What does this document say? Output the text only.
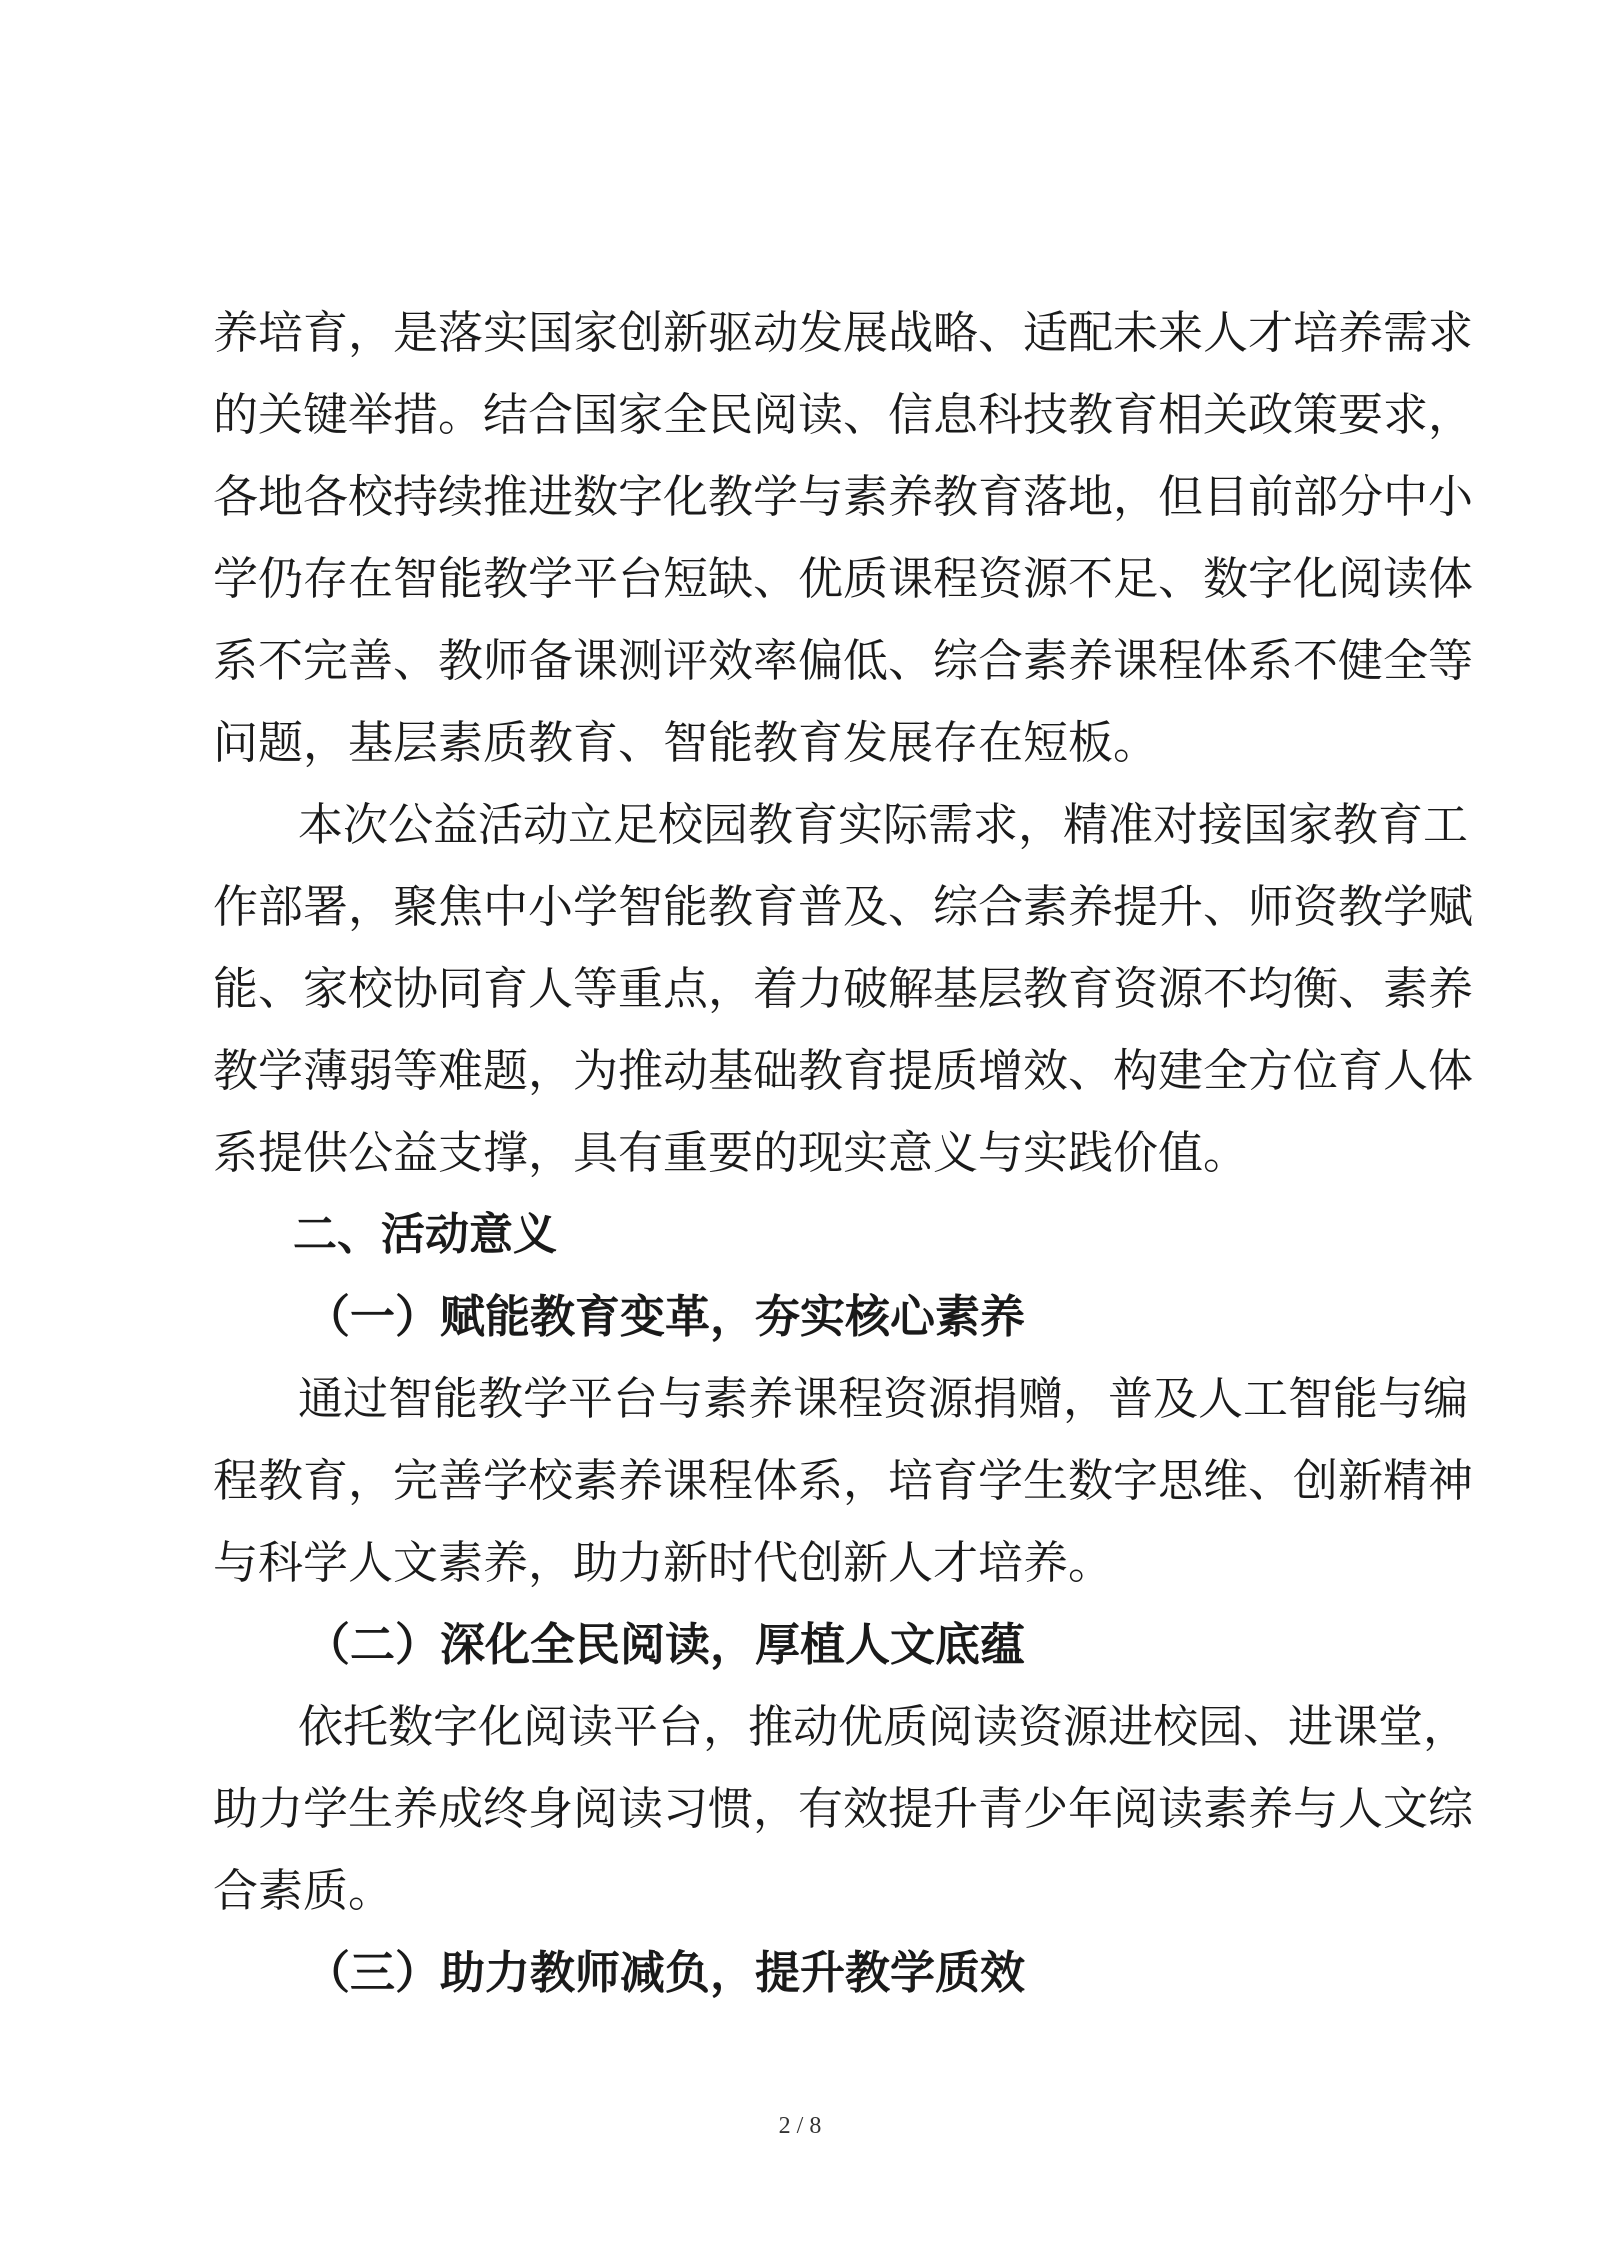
养培育，是落实国家创新驱动发展战略、适配未来人才培养需求
的关键举措。结合国家全民阅读、信息科技教育相关政策要求，
各地各校持续推进数字化教学与素养教育落地，但目前部分中小
学仍存在智能教学平台短缺、优质课程资源不足、数字化阅读体
系不完善、教师备课测评效率偏低、综合素养课程体系不健全等
问题，基层素质教育、智能教育发展存在短板。
本次公益活动立足校园教育实际需求，精准对接国家教育工
作部署，聚焦中小学智能教育普及、综合素养提升、师资教学赋
能、家校协同育人等重点，着力破解基层教育资源不均衡、素养
教学薄弱等难题，为推动基础教育提质增效、构建全方位育人体
系提供公益支撑，具有重要的现实意义与实践价值。
二、活动意义
（一）赋能教育变革，夯实核心素养
通过智能教学平台与素养课程资源捐赠，普及人工智能与编
程教育，完善学校素养课程体系，培育学生数字思维、创新精神
与科学人文素养，助力新时代创新人才培养。
（二）深化全民阅读，厚植人文底蕴
依托数字化阅读平台，推动优质阅读资源进校园、进课堂，
助力学生养成终身阅读习惯，有效提升青少年阅读素养与人文综
合素质。
（三）助力教师减负，提升教学质效
2 / 8
